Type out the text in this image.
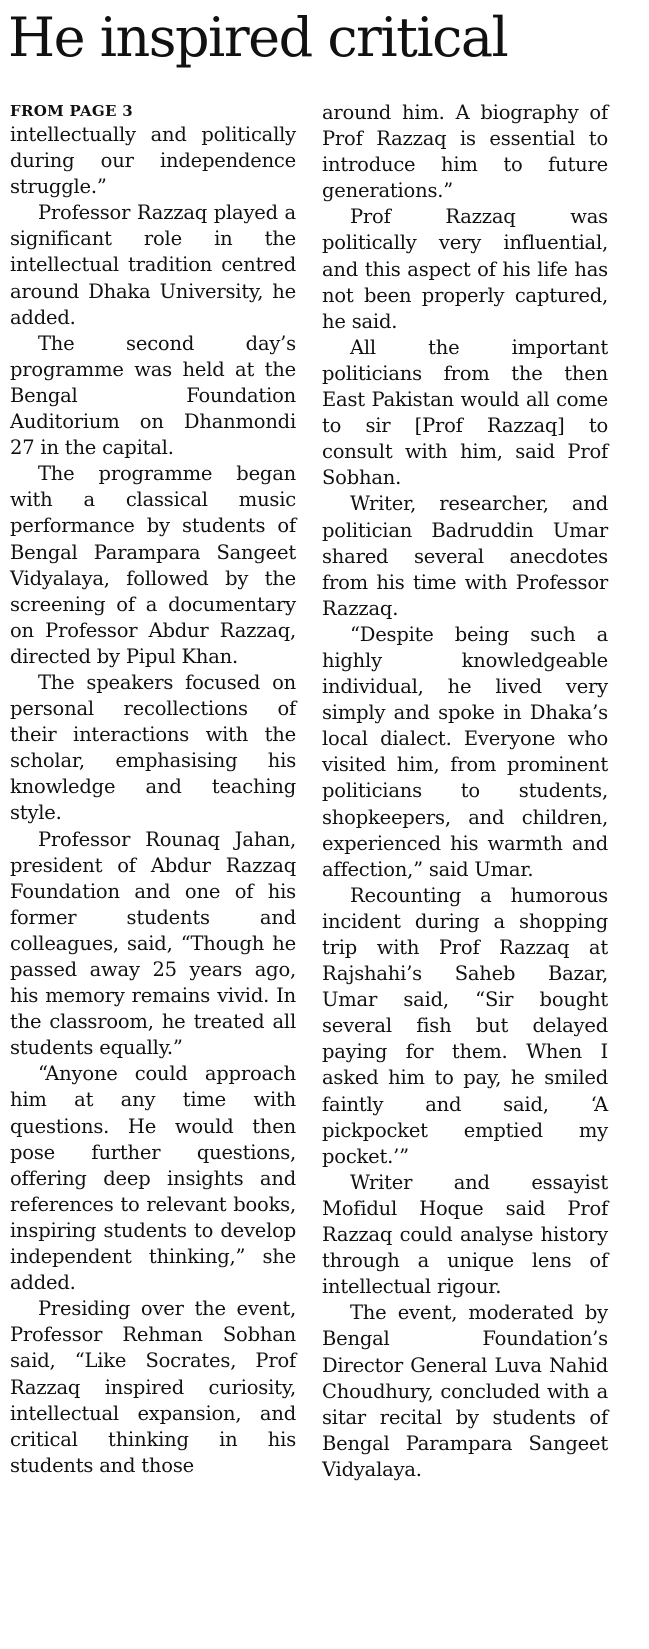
He inspired critical

FROM PAGE 3

intellectually and politically during our independence struggle.”

Professor Razzaq played a significant role in the intellectual tradition centred around Dhaka University, he added.

The second day’s programme was held at the Bengal Foundation Auditorium on Dhanmondi 27 in the capital.

The programme began with a classical music performance by students of Bengal Parampara Sangeet Vidyalaya, followed by the screening of a documentary on Professor Abdur Razzaq, directed by Pipul Khan.

The speakers focused on personal recollections of their interactions with the scholar, emphasising his knowledge and teaching style.

Professor Rounaq Jahan, president of Abdur Razzaq Foundation and one of his former students and colleagues, said, “Though he passed away 25 years ago, his memory remains vivid. In the classroom, he treated all students equally.”

“Anyone could approach him at any time with questions. He would then pose further questions, offering deep insights and references to relevant books, inspiring students to develop independent thinking,” she added.

Presiding over the event, Professor Rehman Sobhan said, “Like Socrates, Prof Razzaq inspired curiosity, intellectual expansion, and critical thinking in his students and those

around him. A biography of Prof Razzaq is essential to introduce him to future generations.”

Prof Razzaq was politically very influential, and this aspect of his life has not been properly captured, he said.

All the important politicians from the then East Pakistan would all come to sir [Prof Razzaq] to consult with him, said Prof Sobhan.

Writer, researcher, and politician Badruddin Umar shared several anecdotes from his time with Professor Razzaq.

“Despite being such a highly knowledgeable individual, he lived very simply and spoke in Dhaka’s local dialect. Everyone who visited him, from prominent politicians to students, shopkeepers, and children, experienced his warmth and affection,” said Umar.

Recounting a humorous incident during a shopping trip with Prof Razzaq at Rajshahi’s Saheb Bazar, Umar said, “Sir bought several fish but delayed paying for them. When I asked him to pay, he smiled faintly and said, ‘A pickpocket emptied my pocket.’”

Writer and essayist Mofidul Hoque said Prof Razzaq could analyse history through a unique lens of intellectual rigour.

The event, moderated by Bengal Foundation’s Director General Luva Nahid Choudhury, concluded with a sitar recital by students of Bengal Parampara Sangeet Vidyalaya.
